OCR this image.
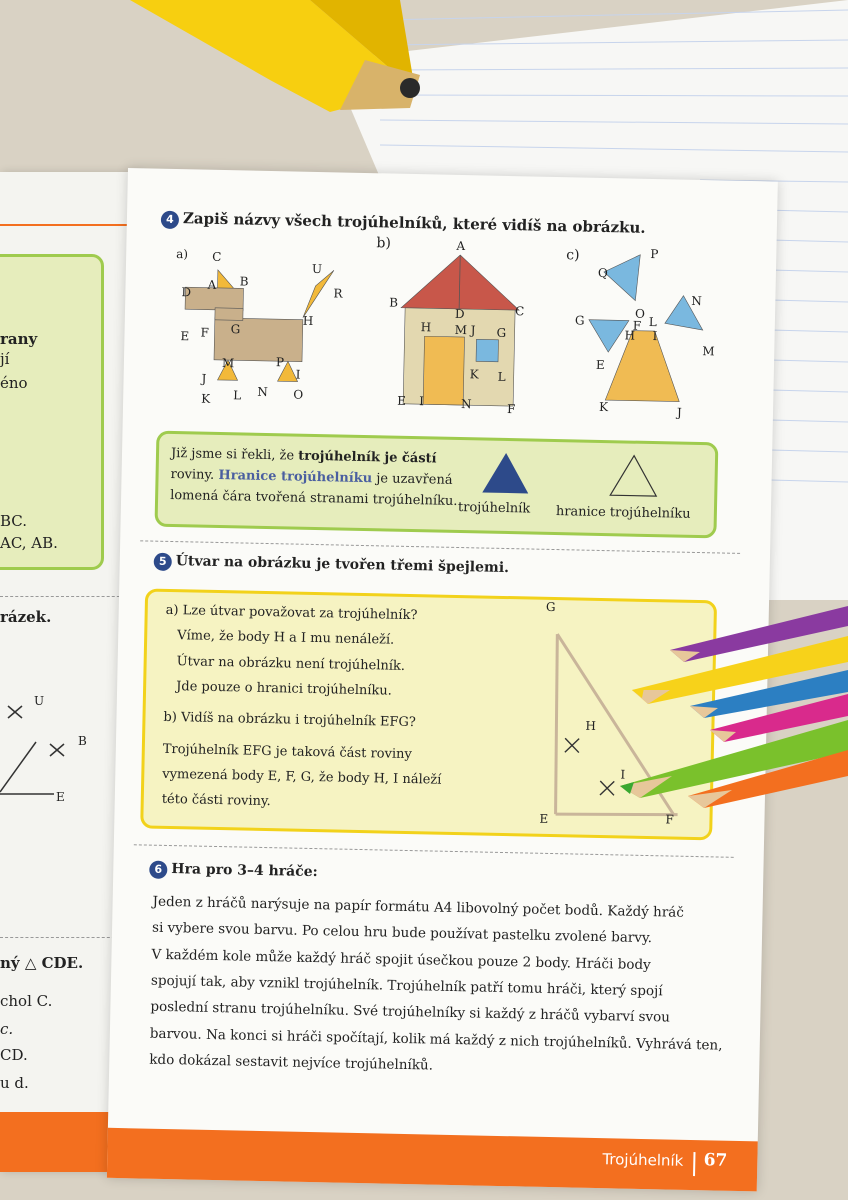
rany
jí
éno
BC.
AC, AB.
rázek.
U
B
E
ný △ CDE.
chol C.
c.
CD.
u d.
4 Zapiš názvy všech trojúhelníků, které vidíš na obrázku.
a)
b)
c)
C
B
A
D
U
R
E F G
H
M	P
I
J
K L N O
A
B
C
D
H M J G
K L
E I	N	F
P
Q
N
G	O
F L
H I
M
E
K	J
Již jsme si řekli, že trojúhelník je částí
roviny. Hranice trojúhelníku je uzavřená
lomená čára tvořená stranami trojúhelníku. trojúhelník hranice trojúhelníku
5 Útvar na obrázku je tvořen třemi špejlemi.
a) Lze útvar považovat za trojúhelník?
Víme, že body H a I mu nenáleží.
Útvar na obrázku není trojúhelník.
Jde pouze o hranici trojúhelníku.
b) Vidíš na obrázku i trojúhelník EFG?
Trojúhelník EFG je taková část roviny
vymezená body E, F, G, že body H, I náleží
této části roviny.
G
H
I
E	F
6 Hra pro 3–4 hráče:
Jeden z hráčů narýsuje na papír formátu A4 libovolný počet bodů. Každý hráč
si vybere svou barvu. Po celou hru bude používat pastelku zvolené barvy.
V každém kole může každý hráč spojit úsečkou pouze 2 body. Hráči body
spojují tak, aby vznikl trojúhelník. Trojúhelník patří tomu hráči, který spojí
poslední stranu trojúhelníku. Své trojúhelníky si každý z hráčů vybarví svou
barvou. Na konci si hráči spočítají, kolik má každý z nich trojúhelníků. Vyhrává ten,
kdo dokázal sestavit nejvíce trojúhelníků.
Trojúhelník 67
